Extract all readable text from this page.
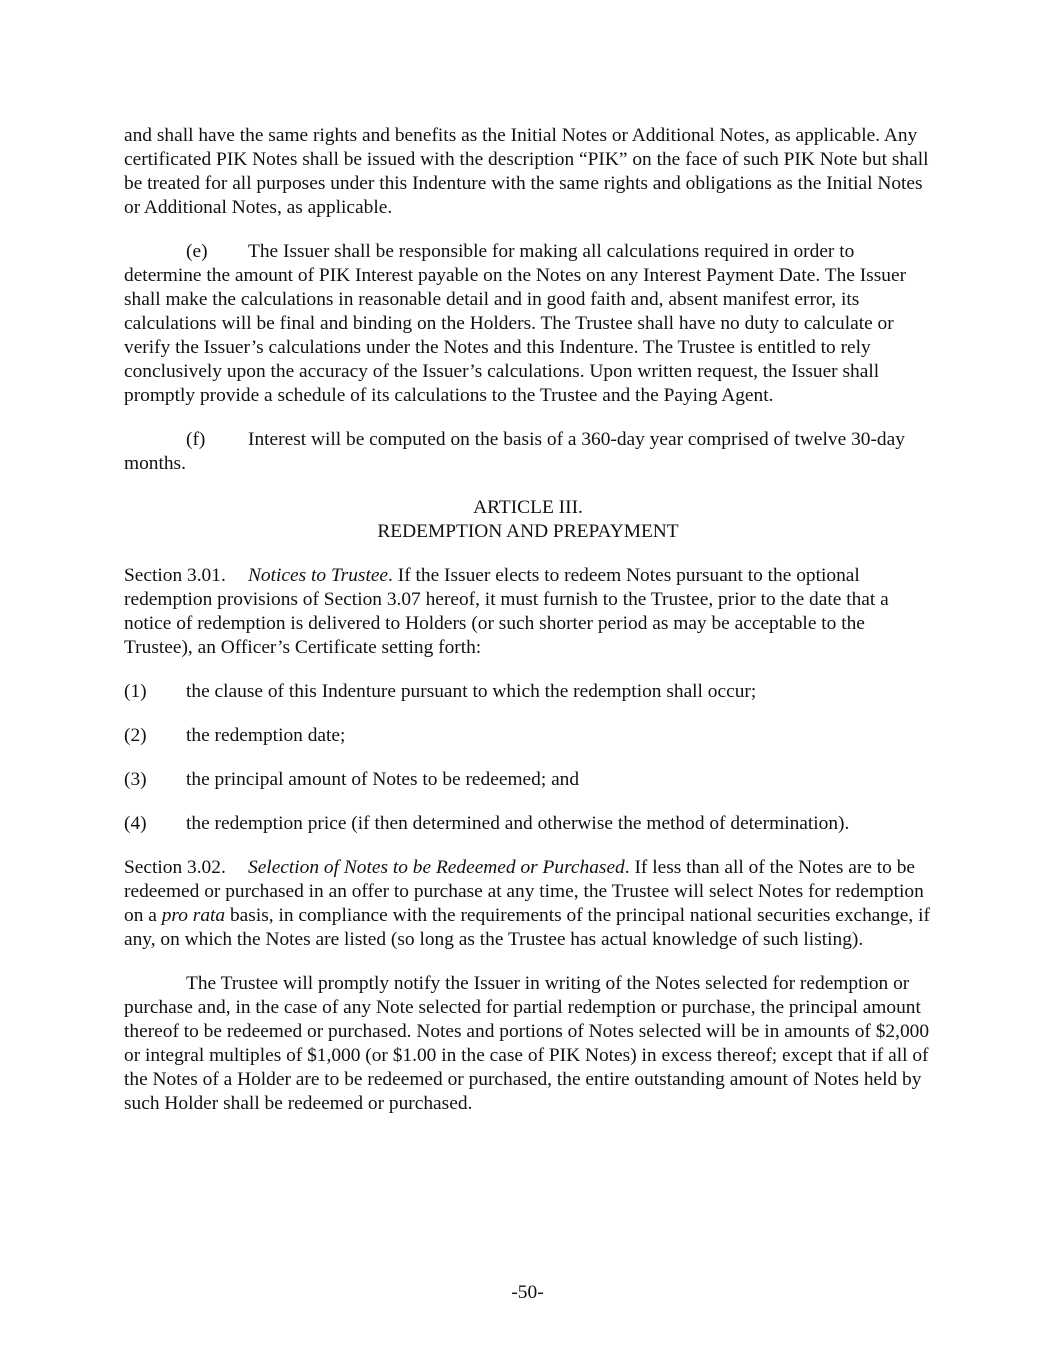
and shall have the same rights and benefits as the Initial Notes or Additional Notes, as applicable. Any certificated PIK Notes shall be issued with the description “PIK” on the face of such PIK Note but shall be treated for all purposes under this Indenture with the same rights and obligations as the Initial Notes or Additional Notes, as applicable.

(e) The Issuer shall be responsible for making all calculations required in order to determine the amount of PIK Interest payable on the Notes on any Interest Payment Date. The Issuer shall make the calculations in reasonable detail and in good faith and, absent manifest error, its calculations will be final and binding on the Holders. The Trustee shall have no duty to calculate or verify the Issuer’s calculations under the Notes and this Indenture. The Trustee is entitled to rely conclusively upon the accuracy of the Issuer’s calculations. Upon written request, the Issuer shall promptly provide a schedule of its calculations to the Trustee and the Paying Agent.

(f) Interest will be computed on the basis of a 360-day year comprised of twelve 30-day months.

ARTICLE III.
REDEMPTION AND PREPAYMENT

Section 3.01. Notices to Trustee. If the Issuer elects to redeem Notes pursuant to the optional redemption provisions of Section 3.07 hereof, it must furnish to the Trustee, prior to the date that a notice of redemption is delivered to Holders (or such shorter period as may be acceptable to the Trustee), an Officer’s Certificate setting forth:

(1)	the clause of this Indenture pursuant to which the redemption shall occur;
(2)	the redemption date;
(3)	the principal amount of Notes to be redeemed; and
(4)	the redemption price (if then determined and otherwise the method of determination).

Section 3.02. Selection of Notes to be Redeemed or Purchased. If less than all of the Notes are to be redeemed or purchased in an offer to purchase at any time, the Trustee will select Notes for redemption on a pro rata basis, in compliance with the requirements of the principal national securities exchange, if any, on which the Notes are listed (so long as the Trustee has actual knowledge of such listing).

The Trustee will promptly notify the Issuer in writing of the Notes selected for redemption or purchase and, in the case of any Note selected for partial redemption or purchase, the principal amount thereof to be redeemed or purchased. Notes and portions of Notes selected will be in amounts of $2,000 or integral multiples of $1,000 (or $1.00 in the case of PIK Notes) in excess thereof; except that if all of the Notes of a Holder are to be redeemed or purchased, the entire outstanding amount of Notes held by such Holder shall be redeemed or purchased.

-50-
